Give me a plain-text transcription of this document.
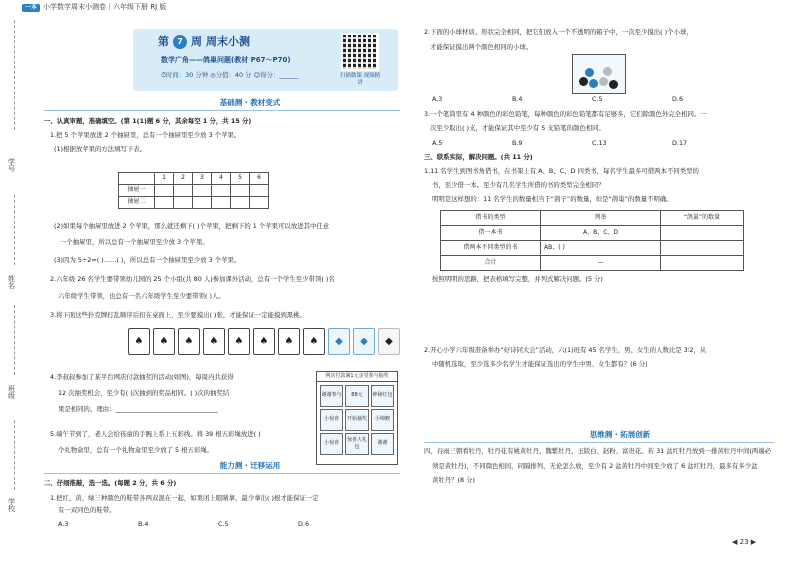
一本 小学数学周末小测卷｜六年级下册 RJ 版
学号
姓名
班级
学校
第	7 周 周末小测
数学广角——鸽巢问题(教材 P67～P70)
⏱时间：30 分钟 ◎分值：40 分 ☺得分：______	扫描微课 视频精讲
基础测 · 教材变式
一、认真审题，准确填空。(第 1(1)题 6 分，其余每空 1 分，共 15 分)
1.把 5 个苹果放进 2 个抽屉里，总有一个抽屉里至少放 3 个苹果。
(1)根据放苹果的方法填写下表。
	1	2	3	4	5	6
抽屉一						
抽屉二						
(2)如果每个抽屉里放进 2 个苹果，那么就还剩下( )个苹果，把剩下的 1 个苹果可以放进其中任意
一个抽屉里，所以总有一个抽屉里至少放 3 个苹果。
(3)因为 5÷2=( )……( )，所以总有一个抽屉里至少放 3 个苹果。
2.六年级 26 名学生要带领幼儿园的 25 个小组(共 80 人)参加课外活动，总有一个学生至少带领( )名
六年级学生带领，也总有一名六年级学生至少要带领( )人。
3.将下面这些扑克牌打乱顺序后扣在桌面上，至少要摸出( )张，才能保证一定能摸到黑桃。
♠	♠	♠	♠	♠	♠	♠	♠	◆	◆	◆
4.李叔叔参加了某平台网店付款抽奖的活动(如图)，每周内共获得
12 次抽奖机会，至少有( )次抽到的奖品相同。( )次的抽奖结
果是相同的。理由：________________________________
网店付款满1元享受参与抽奖
谢谢参与	88元	神秘红包
小惊喜	开始抽奖	小锦鲤
小惊喜
惊喜大礼包
谢谢
5.端午节到了，老人会给孩童的手腕上系上五彩线。将 39 根五彩绳放进( )
个礼物盒里，总有一个礼物盒里至少放了 5 根五彩绳。
能力测 · 迁移运用
二、仔细推敲，选一选。(每题 2 分，共 6 分)
1.把红、黄、绿三种颜色的鞋带各两双混在一起，如果闭上眼睛拿，最少拿出( )根才能保证一定
有一双同色的鞋带。
A.3	B.4	C.5	D.6
2.下面的小球材质、形状完全相同，把它们放入一个不透明的箱子中，一次至少摸出( )个小球，
才能保证摸出两个颜色相同的小球。
A.3	B.4	C.5	D.6
3.一个笔筒里有 4 种颜色的彩色铅笔，每种颜色的彩色铅笔都有足够多，它们除颜色外完全相同。一
次至少取出( )支，才能保证其中至少有 5 支铅笔的颜色相同。
A.5	B.9	C.13	D.17
三、联系实际，解决问题。(共 11 分)
1.11 名学生到图书角借书，在书架上有 A、B、C、D 四类书，每名学生最多可借两本不同类型的
书，至少借一本。至少有几名学生所借的书的类型完全相同？
明明是这样想的：11 名学生的数量相当于“鸽子”的数量，但是“鸽巢”的数量不明确。
借书的类型	列举	“鸽巢”的数量
借一本书	A、B、C、D	
借两本不同类型的书	AB、( )	
合计	—	
按照明明的思路，把表格填写完整，并列式解决问题。(5 分)
2.开心小学六年级准备举办“好诗同大会”活动，六(1)班有 45 名学生，男、女生的人数比是 3∶2，从
中随机选取，至少选多少名学生才能保证选出的学生中男、女生都有？(6 分)
思维测 · 拓展创新
四、谷雨三朝看牡丹，牡丹花有姚黄牡丹、魏紫牡丹、玉版白、赵粉、富贵花。若 31 盆红牡丹放到一排黄牡丹中间(两端必
须是黄牡丹)，不同颜色相间，同隔排列，无论怎么放，至少有 2 盆黄牡丹中间至少放了 6 盆红牡丹，最多有多少盆
黄牡丹？(8 分)
◀ 23 ▶
